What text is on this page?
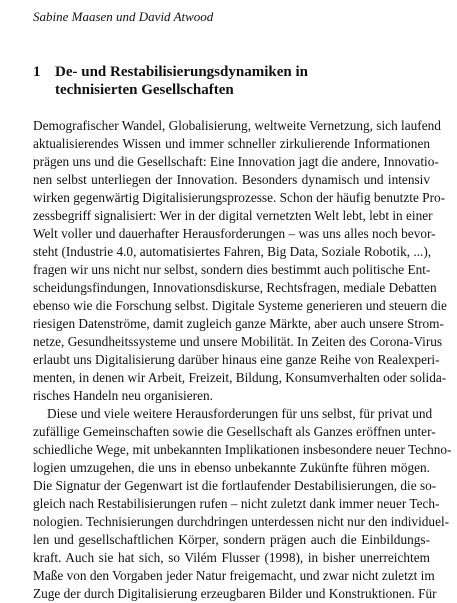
Sabine Maasen und David Atwood
1 De- und Restabilisierungsdynamiken in
technisierten Gesellschaften
Demografischer Wandel, Globalisierung, weltweite Vernetzung, sich laufend
aktualisierendes Wissen und immer schneller zirkulierende Informationen
prägen uns und die Gesellschaft: Eine Innovation jagt die andere, Innovatio-
nen selbst unterliegen der Innovation. Besonders dynamisch und intensiv
wirken gegenwärtig Digitalisierungsprozesse. Schon der häufig benutzte Pro-
zessbegriff signalisiert: Wer in der digital vernetzten Welt lebt, lebt in einer
Welt voller und dauerhafter Herausforderungen – was uns alles noch bevor-
steht (Industrie 4.0, automatisiertes Fahren, Big Data, Soziale Robotik, ...),
fragen wir uns nicht nur selbst, sondern dies bestimmt auch politische Ent-
scheidungsfindungen, Innovationsdiskurse, Rechtsfragen, mediale Debatten
ebenso wie die Forschung selbst. Digitale Systeme generieren und steuern die
riesigen Datenströme, damit zugleich ganze Märkte, aber auch unsere Strom-
netze, Gesundheitssysteme und unsere Mobilität. In Zeiten des Corona-Virus
erlaubt uns Digitalisierung darüber hinaus eine ganze Reihe von Realexperi-
menten, in denen wir Arbeit, Freizeit, Bildung, Konsumverhalten oder solida-
risches Handeln neu organisieren.
Diese und viele weitere Herausforderungen für uns selbst, für privat und
zufällige Gemeinschaften sowie die Gesellschaft als Ganzes eröffnen unter-
schiedliche Wege, mit unbekannten Implikationen insbesondere neuer Techno-
logien umzugehen, die uns in ebenso unbekannte Zukünfte führen mögen.
Die Signatur der Gegenwart ist die fortlaufender Destabilisierungen, die so-
gleich nach Restabilisierungen rufen – nicht zuletzt dank immer neuer Tech-
nologien. Technisierungen durchdringen unterdessen nicht nur den individuel-
len und gesellschaftlichen Körper, sondern prägen auch die Einbildungs-
kraft. Auch sie hat sich, so Vilém Flusser (1998), in bisher unerreichtem
Maße von den Vorgaben jeder Natur freigemacht, und zwar nicht zuletzt im
Zuge der durch Digitalisierung erzeugbaren Bilder und Konstruktionen. Für
